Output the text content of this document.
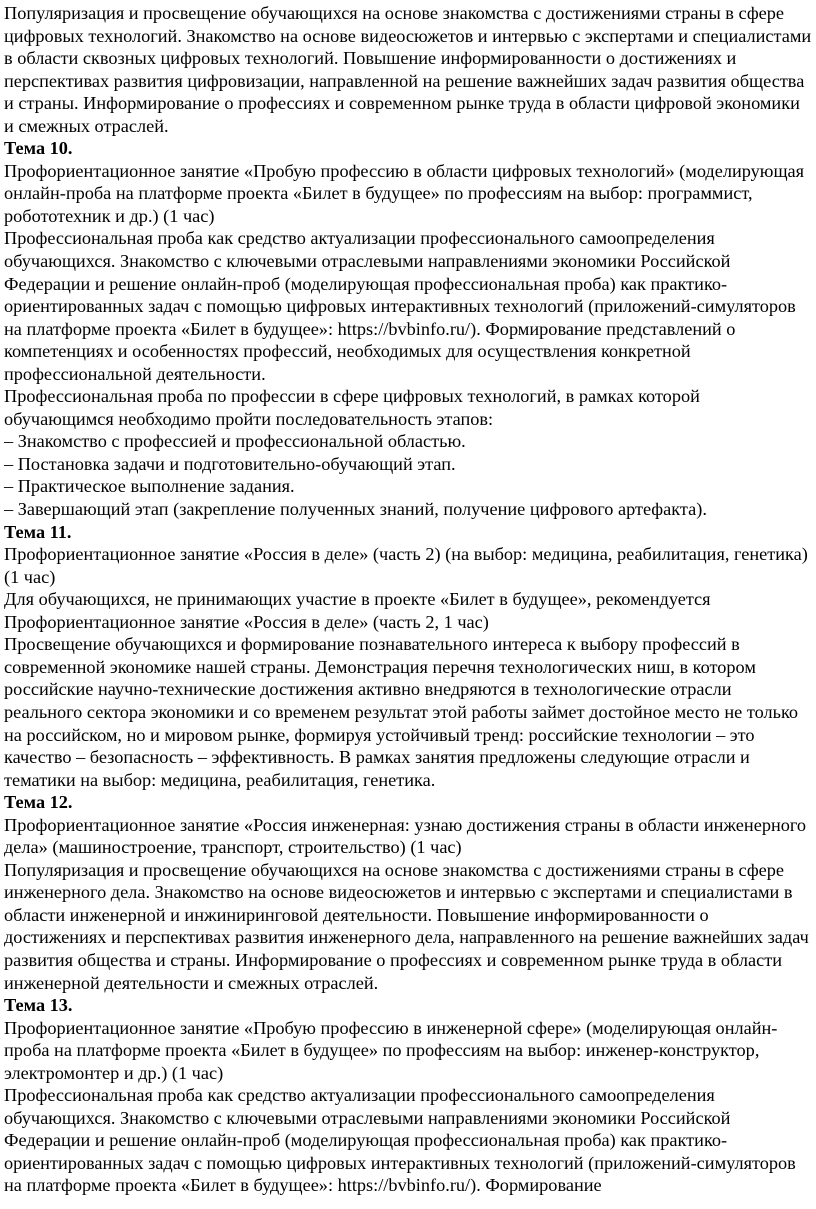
Популяризация и просвещение обучающихся на основе знакомства с достижениями страны в сфере цифровых технологий. Знакомство на основе видеосюжетов и интервью с экспертами и специалистами в области сквозных цифровых технологий. Повышение информированности о достижениях и перспективах развития цифровизации, направленной на решение важнейших задач развития общества и страны. Информирование о профессиях и современном рынке труда в области цифровой экономики и смежных отраслей.

Тема 10.

Профориентационное занятие «Пробую профессию в области цифровых технологий» (моделирующая онлайн-проба на платформе проекта «Билет в будущее» по профессиям на выбор: программист, робототехник и др.) (1 час)

Профессиональная проба как средство актуализации профессионального самоопределения обучающихся. Знакомство с ключевыми отраслевыми направлениями экономики Российской Федерации и решение онлайн-проб (моделирующая профессиональная проба) как практико-ориентированных задач с помощью цифровых интерактивных технологий (приложений-симуляторов на платформе проекта «Билет в будущее»: https://bvbinfo.ru/). Формирование представлений о компетенциях и особенностях профессий, необходимых для осуществления конкретной профессиональной деятельности.

Профессиональная проба по профессии в сфере цифровых технологий, в рамках которой обучающимся необходимо пройти последовательность этапов:

– Знакомство с профессией и профессиональной областью.

– Постановка задачи и подготовительно-обучающий этап.

– Практическое выполнение задания.

– Завершающий этап (закрепление полученных знаний, получение цифрового артефакта).

Тема 11.

Профориентационное занятие «Россия в деле» (часть 2) (на выбор: медицина, реабилитация, генетика) (1 час)

Для обучающихся, не принимающих участие в проекте «Билет в будущее», рекомендуется Профориентационное занятие «Россия в деле» (часть 2, 1 час)

Просвещение обучающихся и формирование познавательного интереса к выбору профессий в современной экономике нашей страны. Демонстрация перечня технологических ниш, в котором российские научно-технические достижения активно внедряются в технологические отрасли реального сектора экономики и со временем результат этой работы займет достойное место не только на российском, но и мировом рынке, формируя устойчивый тренд: российские технологии – это качество – безопасность – эффективность. В рамках занятия предложены следующие отрасли и тематики на выбор: медицина, реабилитация, генетика.

Тема 12.

Профориентационное занятие «Россия инженерная: узнаю достижения страны в области инженерного дела» (машиностроение, транспорт, строительство) (1 час)

Популяризация и просвещение обучающихся на основе знакомства с достижениями страны в сфере инженерного дела. Знакомство на основе видеосюжетов и интервью с экспертами и специалистами в области инженерной и инжиниринговой деятельности. Повышение информированности о достижениях и перспективах развития инженерного дела, направленного на решение важнейших задач развития общества и страны. Информирование о профессиях и современном рынке труда в области инженерной деятельности и смежных отраслей.

Тема 13.

Профориентационное занятие «Пробую профессию в инженерной сфере» (моделирующая онлайн-проба на платформе проекта «Билет в будущее» по профессиям на выбор: инженер-конструктор, электромонтер и др.) (1 час)

Профессиональная проба как средство актуализации профессионального самоопределения обучающихся. Знакомство с ключевыми отраслевыми направлениями экономики Российской Федерации и решение онлайн-проб (моделирующая профессиональная проба) как практико-ориентированных задач с помощью цифровых интерактивных технологий (приложений-симуляторов на платформе проекта «Билет в будущее»: https://bvbinfo.ru/). Формирование
